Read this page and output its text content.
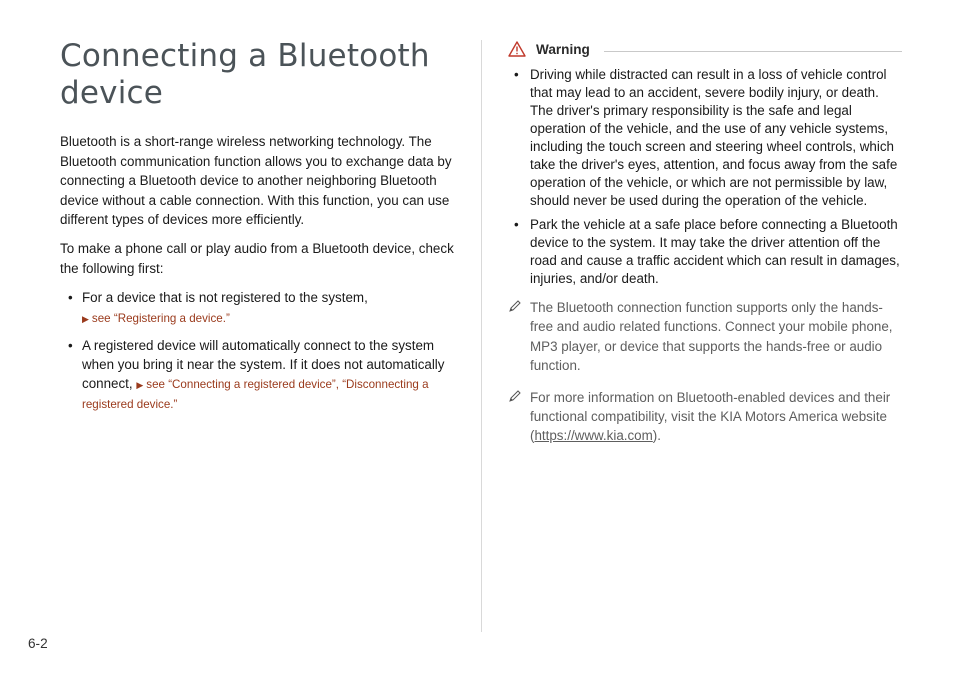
Connecting a Bluetooth device

Bluetooth is a short-range wireless networking technology. The Bluetooth communication function allows you to exchange data by connecting a Bluetooth device to another neighboring Bluetooth device without a cable connection. With this function, you can use different types of devices more efficiently.

To make a phone call or play audio from a Bluetooth device, check the following first:

• For a device that is not registered to the system,
▶ see “Registering a device.”
• A registered device will automatically connect to the system when you bring it near the system. If it does not automatically connect, ▶ see “Connecting a registered device”, “Disconnecting a registered device.”
Warning
• Driving while distracted can result in a loss of vehicle control that may lead to an accident, severe bodily injury, or death. The driver's primary responsibility is the safe and legal operation of the vehicle, and the use of any vehicle systems, including the touch screen and steering wheel controls, which take the driver's eyes, attention, and focus away from the safe operation of the vehicle, or which are not permissible by law, should never be used during the operation of the vehicle.
• Park the vehicle at a safe place before connecting a Bluetooth device to the system. It may take the driver attention off the road and cause a traffic accident which can result in damages, injuries, and/or death.
The Bluetooth connection function supports only the hands-free and audio related functions. Connect your mobile phone, MP3 player, or device that supports the hands-free or audio function.
For more information on Bluetooth-enabled devices and their functional compatibility, visit the KIA Motors America website (https://www.kia.com).
6-2
